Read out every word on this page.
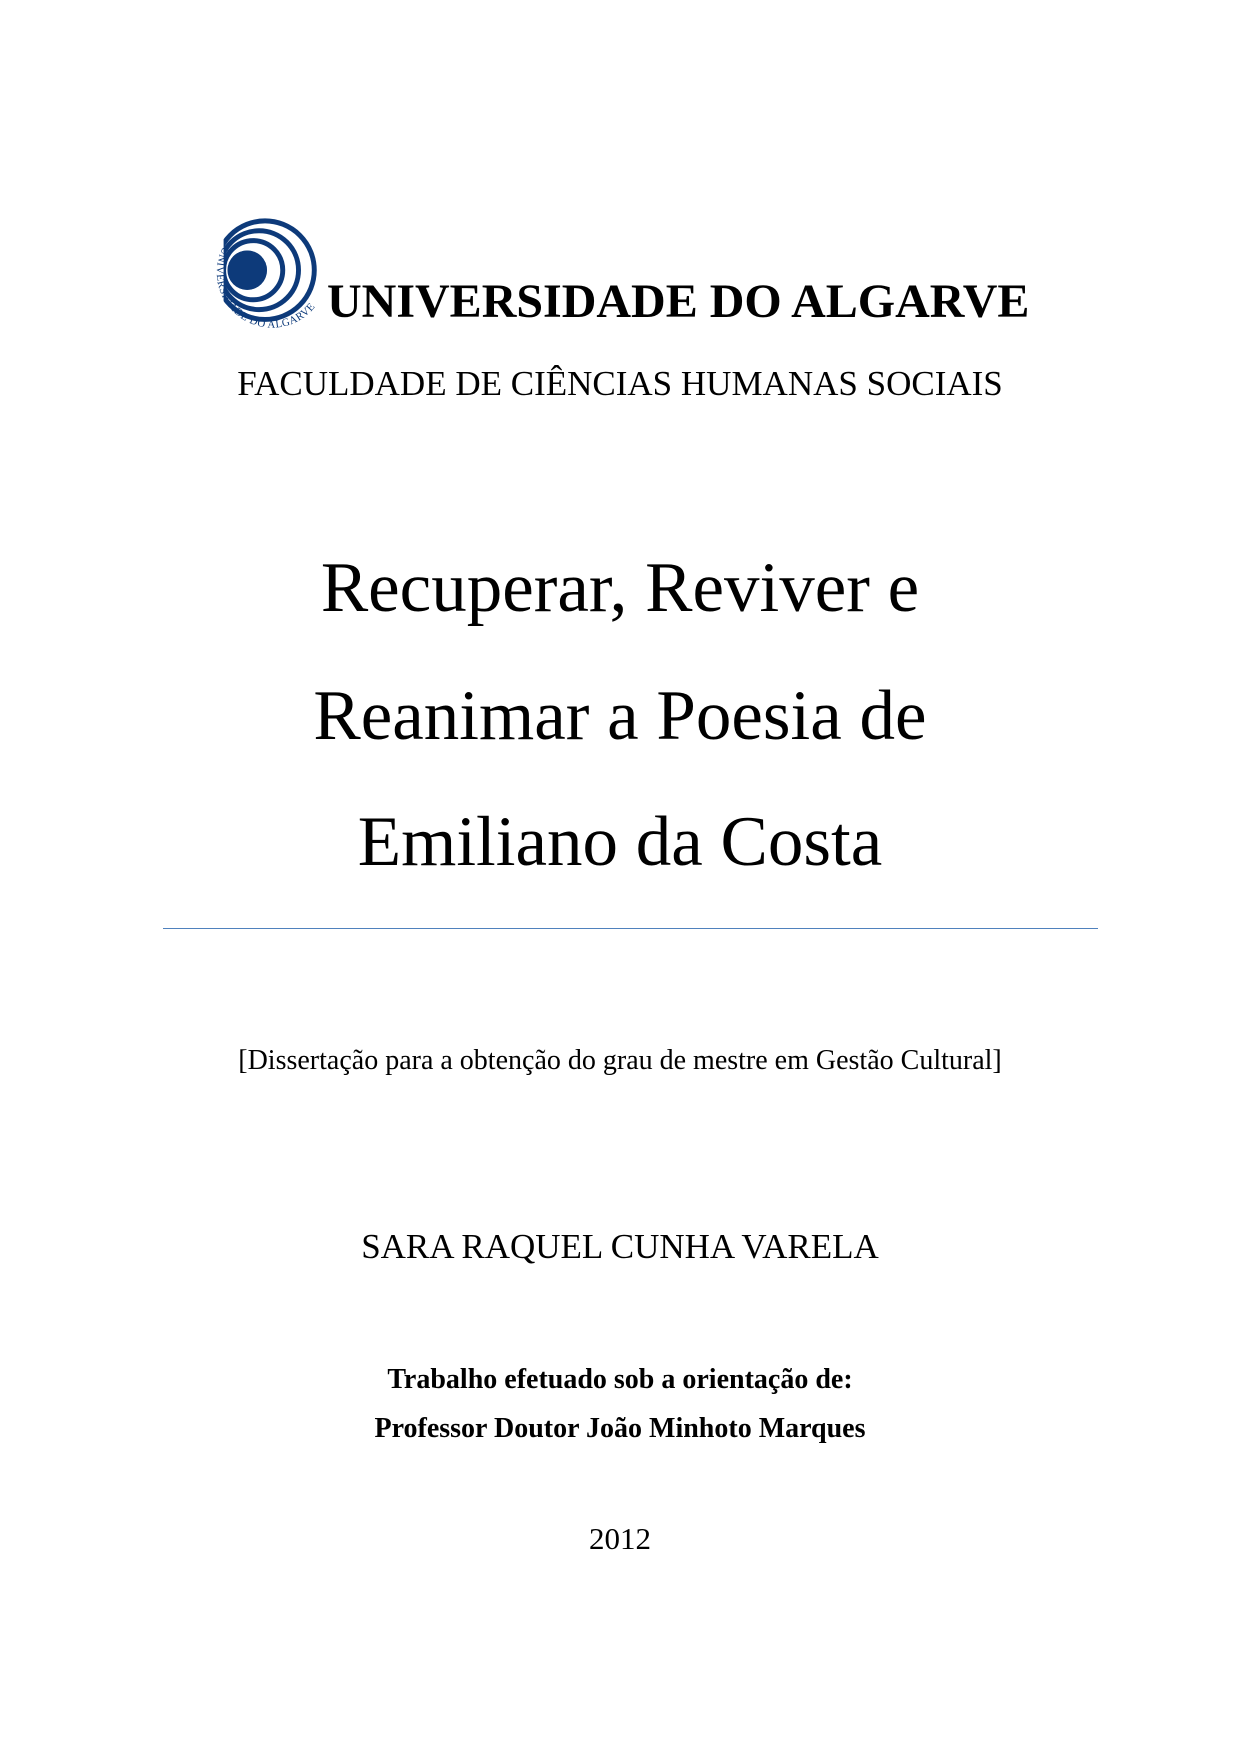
UNIVERSIDADE DO ALGARVE UNIVERSIDADE DO ALGARVE
FACULDADE DE CIÊNCIAS HUMANAS SOCIAIS
Recuperar, Reviver e
Reanimar a Poesia de
Emiliano da Costa
[Dissertação para a obtenção do grau de mestre em Gestão Cultural]
SARA RAQUEL CUNHA VARELA
Trabalho efetuado sob a orientação de:
Professor Doutor João Minhoto Marques
2012
